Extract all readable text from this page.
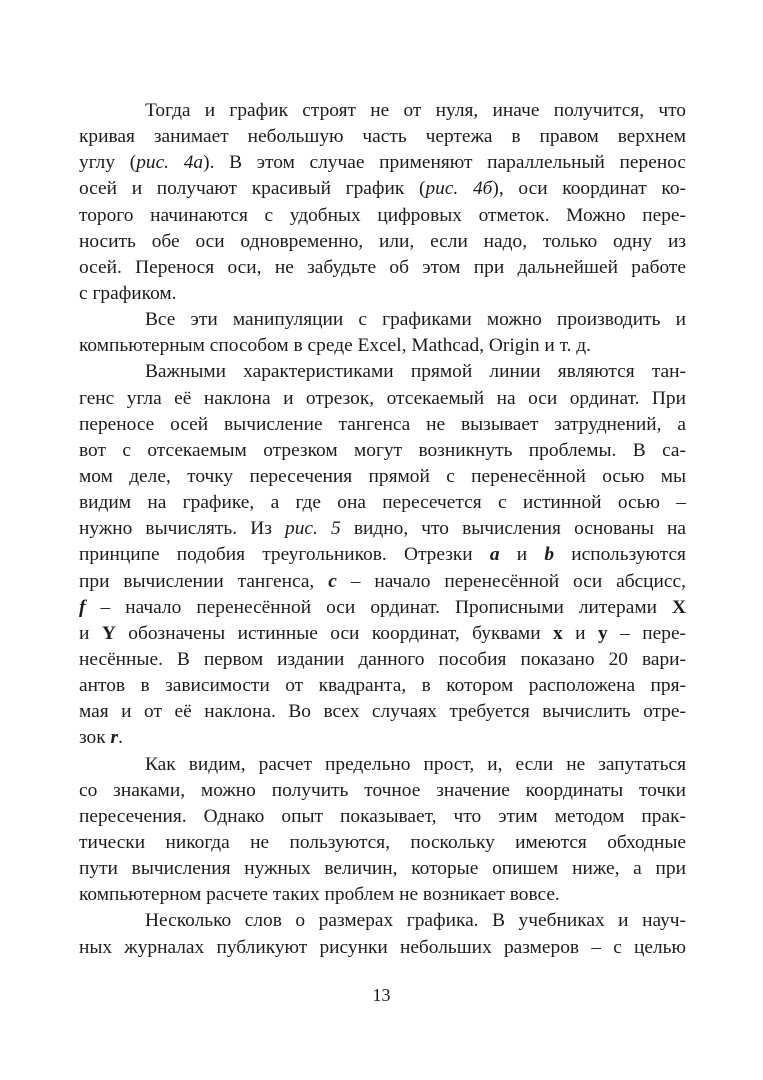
Тогда и график строят не от нуля, иначе получится, что
кривая занимает небольшую часть чертежа в правом верхнем
углу (рис. 4а). В этом случае применяют параллельный перенос
осей и получают красивый график (рис. 4б), оси координат ко-
торого начинаются с удобных цифровых отметок. Можно пере-
носить обе оси одновременно, или, если надо, только одну из
осей. Перенося оси, не забудьте об этом при дальнейшей работе
с графиком.
Все эти манипуляции с графиками можно производить и
компьютерным способом в среде Excel, Mathcad, Origin и т. д.
Важными характеристиками прямой линии являются тан-
генс угла её наклона и отрезок, отсекаемый на оси ординат. При
переносе осей вычисление тангенса не вызывает затруднений, а
вот с отсекаемым отрезком могут возникнуть проблемы. В са-
мом деле, точку пересечения прямой с перенесённой осью мы
видим на графике, а где она пересечется с истинной осью –
нужно вычислять. Из рис. 5 видно, что вычисления основаны на
принципе подобия треугольников. Отрезки a и b используются
при вычислении тангенса, c – начало перенесённой оси абсцисс,
f – начало перенесённой оси ординат. Прописными литерами X
и Y обозначены истинные оси координат, буквами x и y – пере-
несённые. В первом издании данного пособия показано 20 вари-
антов в зависимости от квадранта, в котором расположена пря-
мая и от её наклона. Во всех случаях требуется вычислить отре-
зок r.
Как видим, расчет предельно прост, и, если не запутаться
со знаками, можно получить точное значение координаты точки
пересечения. Однако опыт показывает, что этим методом прак-
тически никогда не пользуются, поскольку имеются обходные
пути вычисления нужных величин, которые опишем ниже, а при
компьютерном расчете таких проблем не возникает вовсе.
Несколько слов о размерах графика. В учебниках и науч-
ных журналах публикуют рисунки небольших размеров – с целью
13
